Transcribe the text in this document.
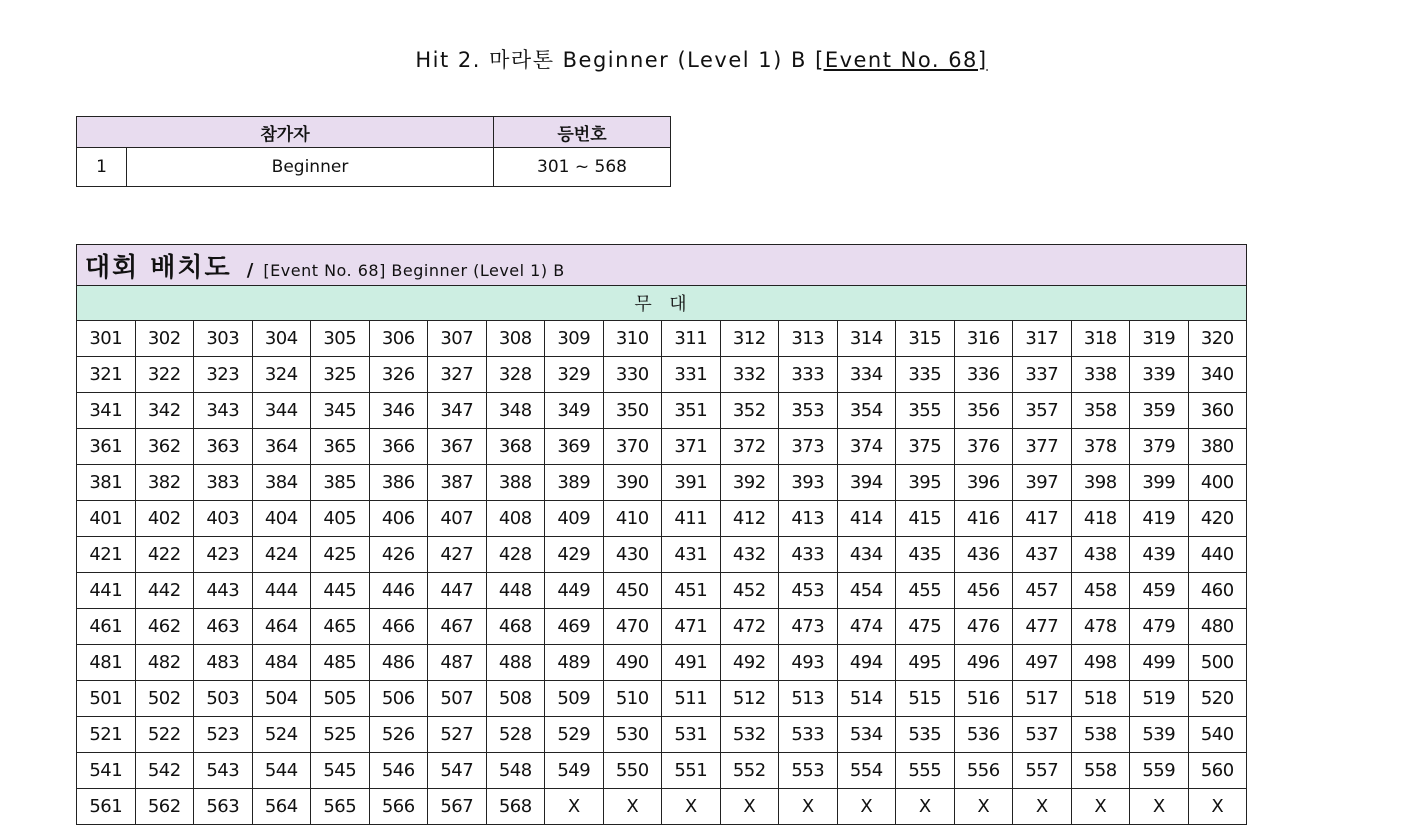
Hit 2. 마라톤 Beginner (Level 1) B [Event No. 68]
참가자		등번호
1	Beginner	301 ~ 568
대회 배치도 / [Event No. 68] Beginner (Level 1) B																			
무  대																			
301	302	303	304	305	306	307	308	309	310	311	312	313	314	315	316	317	318	319	320
321	322	323	324	325	326	327	328	329	330	331	332	333	334	335	336	337	338	339	340
341	342	343	344	345	346	347	348	349	350	351	352	353	354	355	356	357	358	359	360
361	362	363	364	365	366	367	368	369	370	371	372	373	374	375	376	377	378	379	380
381	382	383	384	385	386	387	388	389	390	391	392	393	394	395	396	397	398	399	400
401	402	403	404	405	406	407	408	409	410	411	412	413	414	415	416	417	418	419	420
421	422	423	424	425	426	427	428	429	430	431	432	433	434	435	436	437	438	439	440
441	442	443	444	445	446	447	448	449	450	451	452	453	454	455	456	457	458	459	460
461	462	463	464	465	466	467	468	469	470	471	472	473	474	475	476	477	478	479	480
481	482	483	484	485	486	487	488	489	490	491	492	493	494	495	496	497	498	499	500
501	502	503	504	505	506	507	508	509	510	511	512	513	514	515	516	517	518	519	520
521	522	523	524	525	526	527	528	529	530	531	532	533	534	535	536	537	538	539	540
541	542	543	544	545	546	547	548	549	550	551	552	553	554	555	556	557	558	559	560
561	562	563	564	565	566	567	568	X	X	X	X	X	X	X	X	X	X	X	X
